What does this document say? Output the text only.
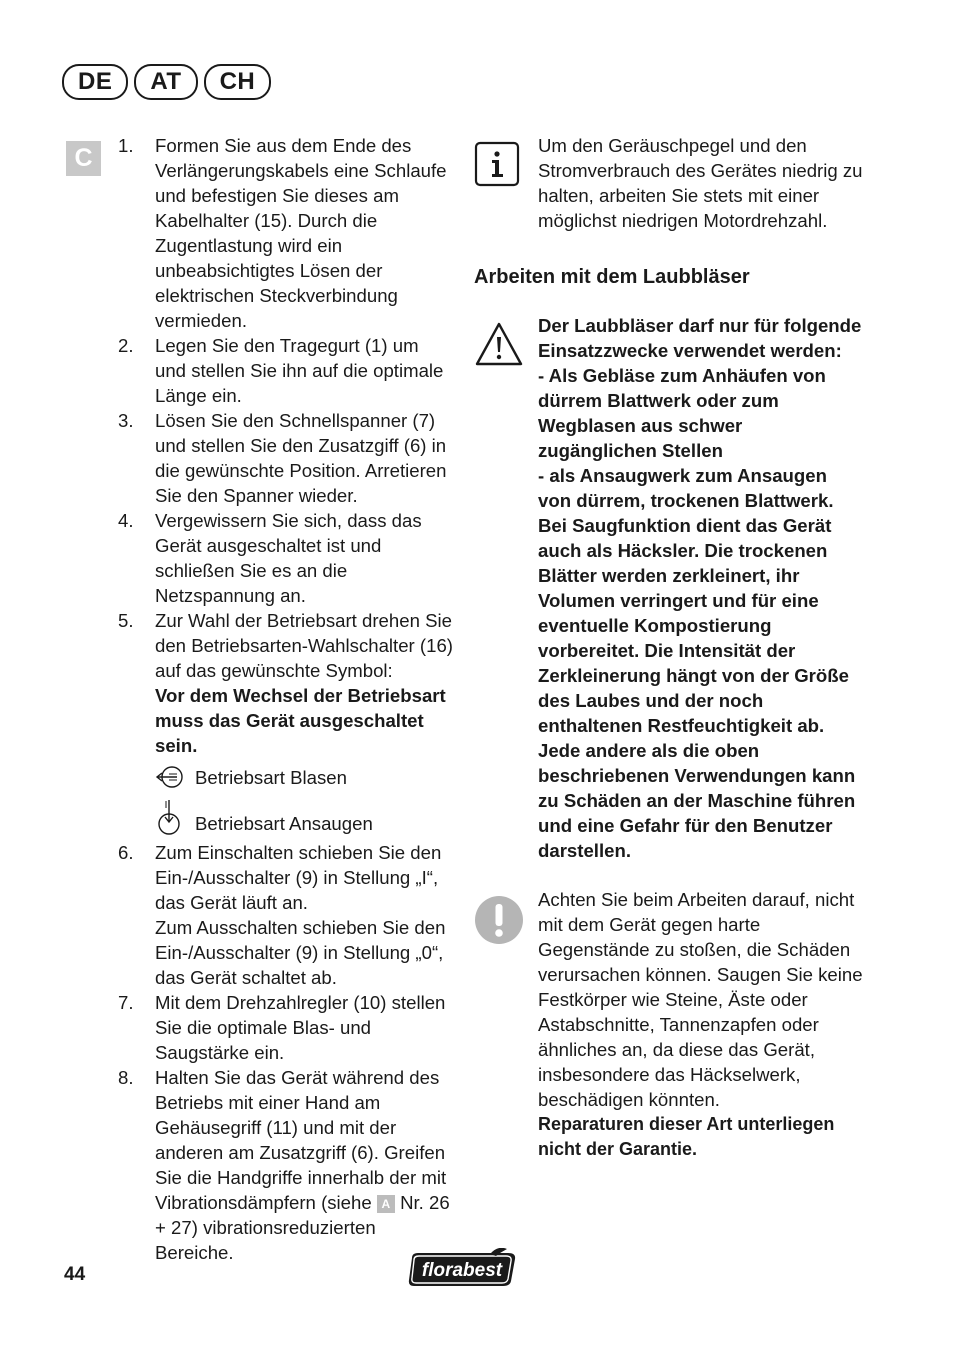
DE	AT	CH
C	1. Formen Sie aus dem Ende des Verlängerungskabels eine Schlaufe und befestigen Sie dieses am Kabelhalter (15). Durch die Zugentlastung wird ein unbeabsichtigtes Lösen der elektrischen Steckverbindung vermieden.
2. Legen Sie den Tragegurt (1) um und stellen Sie ihn auf die optimale Länge ein.
3. Lösen Sie den Schnellspanner (7) und stellen Sie den Zusatzgiff (6) in die gewünschte Position. Arretieren Sie den Spanner wieder.
4. Vergewissern Sie sich, dass das Gerät ausgeschaltet ist und schließen Sie es an die Netzspannung an.
5. Zur Wahl der Betriebsart drehen Sie den Betriebsarten-Wahlschalter (16) auf das gewünschte Symbol:
Vor dem Wechsel der Betriebsart muss das Gerät ausgeschaltet sein.
Betriebsart Blasen
Betriebsart Ansaugen
6. Zum Einschalten schieben Sie den Ein-/Ausschalter (9) in Stellung „I“, das Gerät läuft an.
Zum Ausschalten schieben Sie den Ein-/Ausschalter (9) in Stellung „0“, das Gerät schaltet ab.
7. Mit dem Drehzahlregler (10) stellen Sie die optimale Blas- und Saugstärke ein.
8. Halten Sie das Gerät während des Betriebs mit einer Hand am Gehäusegriff (11) und mit der anderen am Zusatzgriff (6). Greifen Sie die Handgriffe innerhalb der mit Vibrationsdämpfern (siehe A Nr. 26 + 27) vibrationsreduzierten Bereiche.
Um den Geräuschpegel und den Stromverbrauch des Gerätes niedrig zu halten, arbeiten Sie stets mit einer möglichst niedrigen Motordrehzahl.
Arbeiten mit dem Laubbläser
Der Laubbläser darf nur für folgende Einsatzzwecke verwendet werden:
- Als Gebläse zum Anhäufen von dürrem Blattwerk oder zum Wegblasen aus schwer zugänglichen Stellen
- als Ansaugwerk zum Ansaugen von dürrem, trockenen Blattwerk. Bei Saugfunktion dient das Gerät auch als Häcksler. Die trockenen Blätter werden zerkleinert, ihr Volumen verringert und für eine eventuelle Kompostierung vorbereitet. Die Intensität der Zerkleinerung hängt von der Größe des Laubes und der noch enthaltenen Restfeuchtigkeit ab.
Jede andere als die oben beschriebenen Verwendungen kann zu Schäden an der Maschine führen und eine Gefahr für den Benutzer darstellen.
Achten Sie beim Arbeiten darauf, nicht mit dem Gerät gegen harte Gegenstände zu stoßen, die Schäden verursachen können. Saugen Sie keine Festkörper wie Steine, Äste oder Astabschnitte, Tannenzapfen oder ähnliches an, da diese das Gerät, insbesondere das Häckselwerk, beschädigen könnten.
Reparaturen dieser Art unterliegen nicht der Garantie.
44	florabest
